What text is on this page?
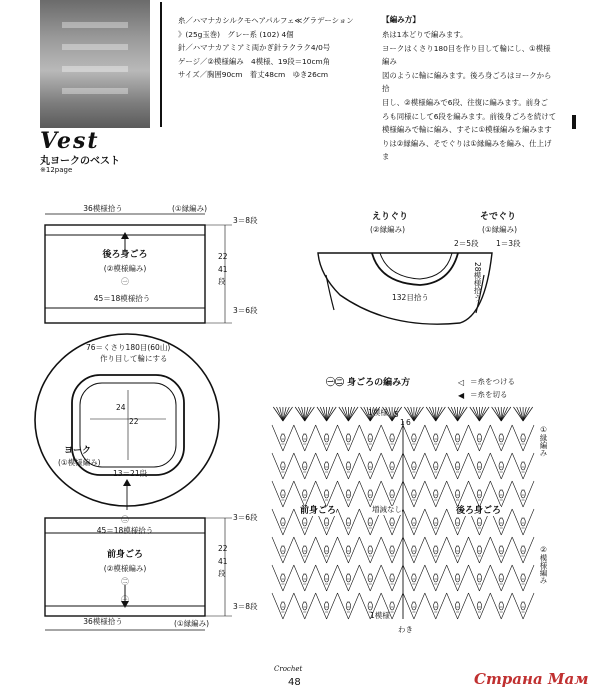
Vest
丸ヨークのベスト
※12page
糸／ハマナカシルクモヘアパルフェ≪グラデーション
》(25g玉巻)　グレー系 (102) 4個
針／ハマナカアミアミ両かぎ針ラクラク4/0号
ゲージ／②模様編み　4模様、19段＝10cm角
サイズ／胸囲90cm　着丈48cm　ゆき26cm
【編み方】
糸は1本どりで編みます。
ヨークはくさり180目を作り目して輪にし、①模様編み
図のように輪に編みます。後ろ身ごろはヨークから拾
目し、②模様編みで6段、往復に編みます。前身ご
ろも同様にして6段を編みます。前後身ごろを続けて
模様編みで輪に編み、すそに①模様編みを編みます
りは②縁編み、そでぐりは①縁編みを編み、仕上げま
36模様拾う	(①縁編み)
後ろ身ごろ
(②模様編み)
㊀
45＝18模様拾う
3＝8段
22
41
段
3＝6段
76＝くさり180目(60山)
作り目して輪にする
24
22
ヨーク
(①模様編み)
13＝21段
㊁
45＝18模様拾う
前身ごろ
(②模様編み)
㊁
㊀
36模様拾う	(①縁編み)
3＝6段
22
41
段
3＝8段
えりぐり
(②縁編み)
2＝5段
132目拾う
そでぐり
(①縁編み)
1＝3段
28模様拾う
㊀㊁ 身ごろの編み方	＝糸をつける
＝糸を切る
◁
◀
1模様 5
1 6
①縁編み
前身ごろ	増減なし	後ろ身ごろ
②模様編み
1模様
わき
Crochet
48	Страна Мам
